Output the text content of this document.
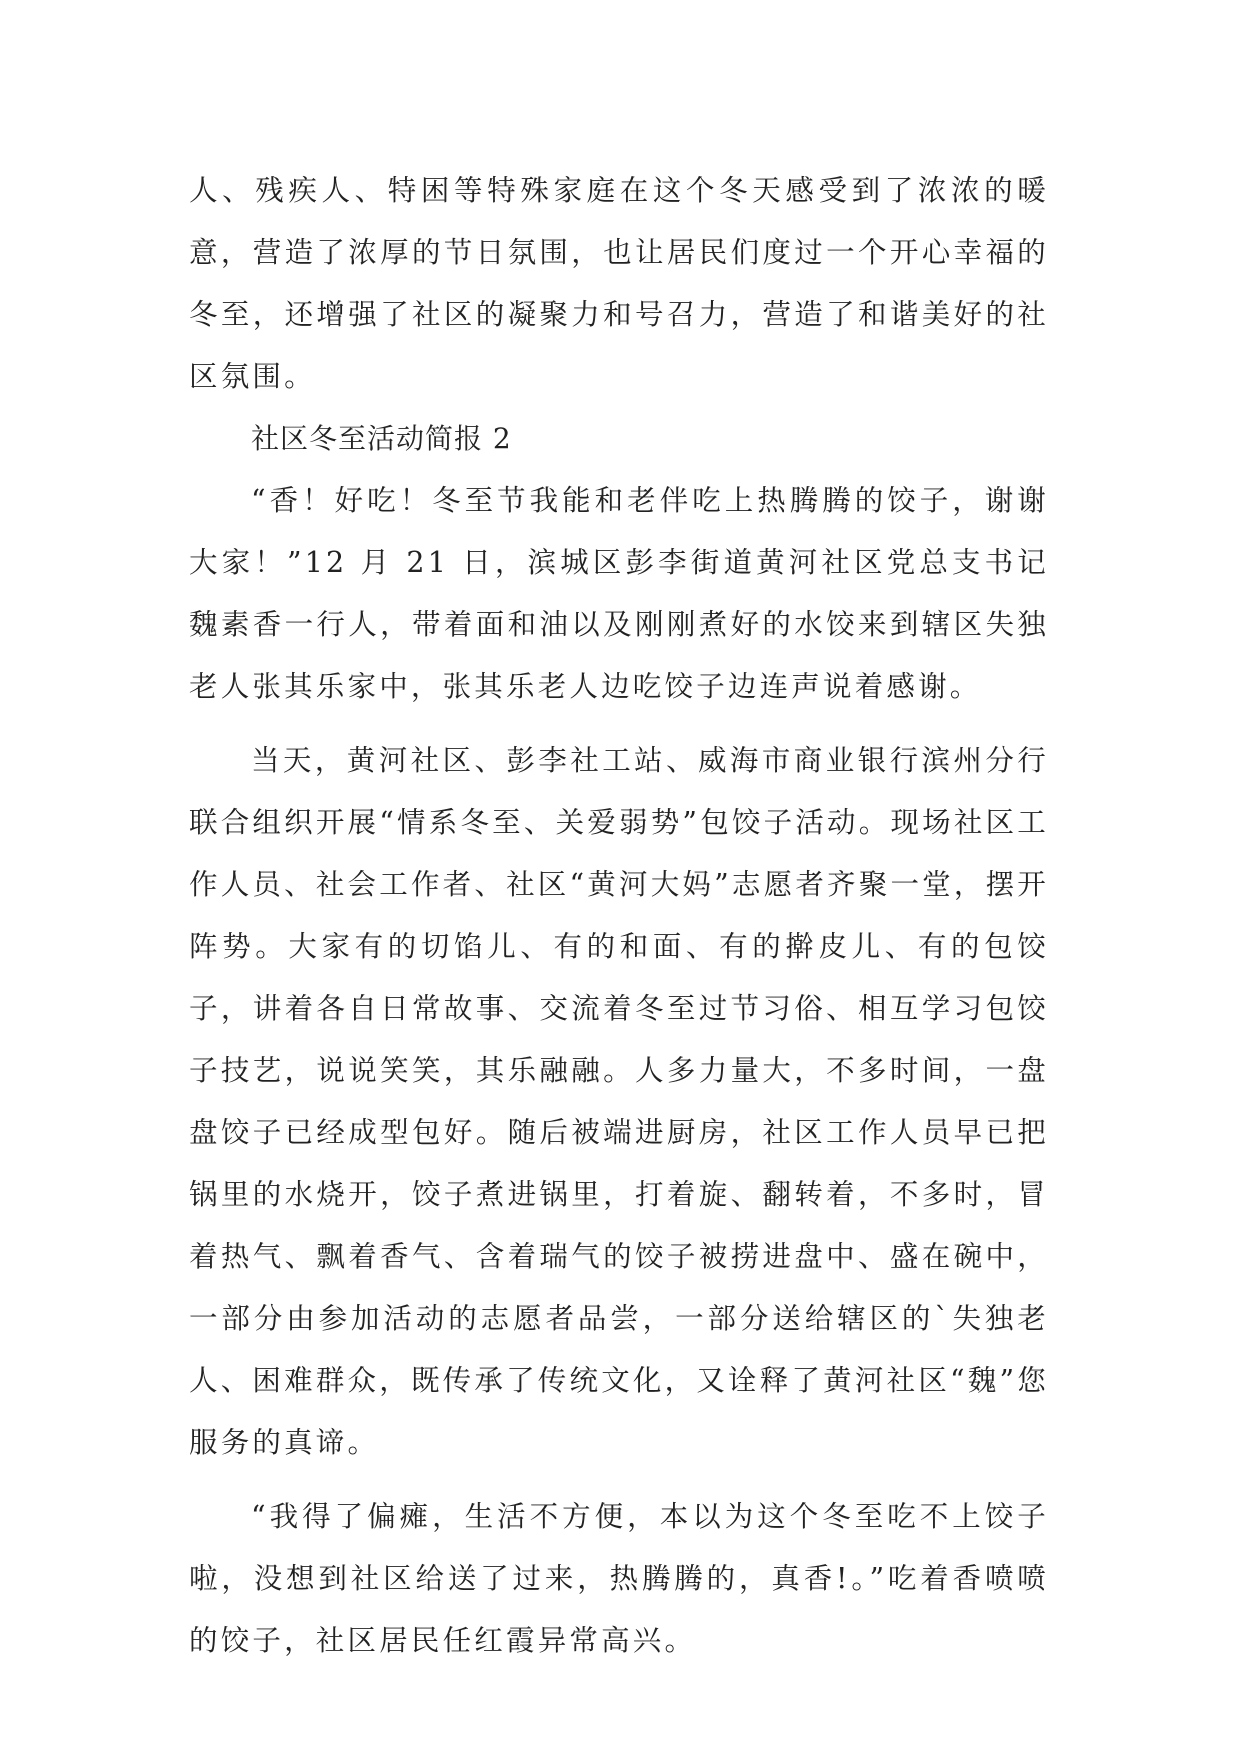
人、残疾人、特困等特殊家庭在这个冬天感受到了浓浓的暖意，营造了浓厚的节日氛围，也让居民们度过一个开心幸福的冬至，还增强了社区的凝聚力和号召力，营造了和谐美好的社区氛围。

社区冬至活动简报 2

“香！好吃！冬至节我能和老伴吃上热腾腾的饺子，谢谢大家！”12 月 21 日，滨城区彭李街道黄河社区党总支书记魏素香一行人，带着面和油以及刚刚煮好的水饺来到辖区失独老人张其乐家中，张其乐老人边吃饺子边连声说着感谢。

当天，黄河社区、彭李社工站、威海市商业银行滨州分行联合组织开展“情系冬至、关爱弱势”包饺子活动。现场社区工作人员、社会工作者、社区“黄河大妈”志愿者齐聚一堂，摆开阵势。大家有的切馅儿、有的和面、有的擀皮儿、有的包饺子，讲着各自日常故事、交流着冬至过节习俗、相互学习包饺子技艺，说说笑笑，其乐融融。人多力量大，不多时间，一盘盘饺子已经成型包好。随后被端进厨房，社区工作人员早已把锅里的水烧开，饺子煮进锅里，打着旋、翻转着，不多时，冒着热气、飘着香气、含着瑞气的饺子被捞进盘中、盛在碗中，一部分由参加活动的志愿者品尝，一部分送给辖区的`失独老人、困难群众，既传承了传统文化，又诠释了黄河社区“魏”您服务的真谛。

“我得了偏瘫，生活不方便，本以为这个冬至吃不上饺子啦，没想到社区给送了过来，热腾腾的，真香!。”吃着香喷喷的饺子，社区居民任红霞异常高兴。
